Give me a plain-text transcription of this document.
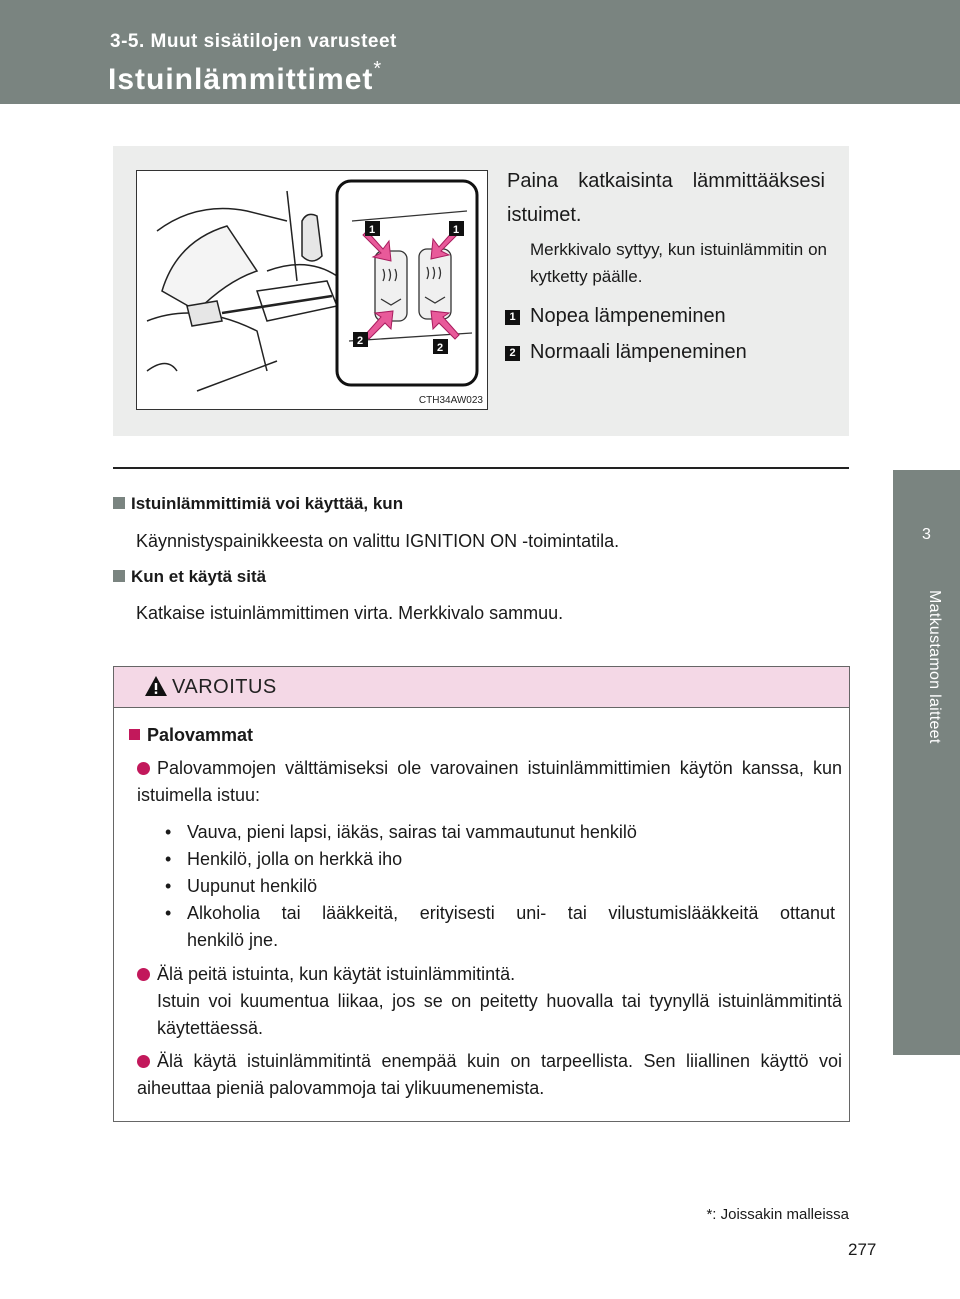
3-5. Muut sisätilojen varusteet
Istuinlämmittimet*
3
Matkustamon laitteet
1	1
2
2
CTH34AW023
Paina katkaisinta lämmittääksesi istuimet.
Merkkivalo syttyy, kun istuinlämmitin on kytketty päälle.
1 Nopea lämpeneminen
2 Normaali lämpeneminen
Istuinlämmittimiä voi käyttää, kun
Käynnistyspainikkeesta on valittu IGNITION ON -toimintatila.
Kun et käytä sitä
Katkaise istuinlämmittimen virta. Merkkivalo sammuu.
VAROITUS
Palovammat
Palovammojen välttämiseksi ole varovainen istuinlämmittimien käytön kanssa, kun istuimella istuu:
• Vauva, pieni lapsi, iäkäs, sairas tai vammautunut henkilö
• Henkilö, jolla on herkkä iho
• Uupunut henkilö
• Alkoholia tai lääkkeitä, erityisesti uni- tai vilustumislääkkeitä ottanut
henkilö jne.
Älä peitä istuinta, kun käytät istuinlämmitintä.
Istuin voi kuumentua liikaa, jos se on peitetty huovalla tai tyynyllä istuinlämmitintä käytettäessä.
Älä käytä istuinlämmitintä enempää kuin on tarpeellista. Sen liiallinen käyttö voi aiheuttaa pieniä palovammoja tai ylikuumenemista.
*: Joissakin malleissa
277
